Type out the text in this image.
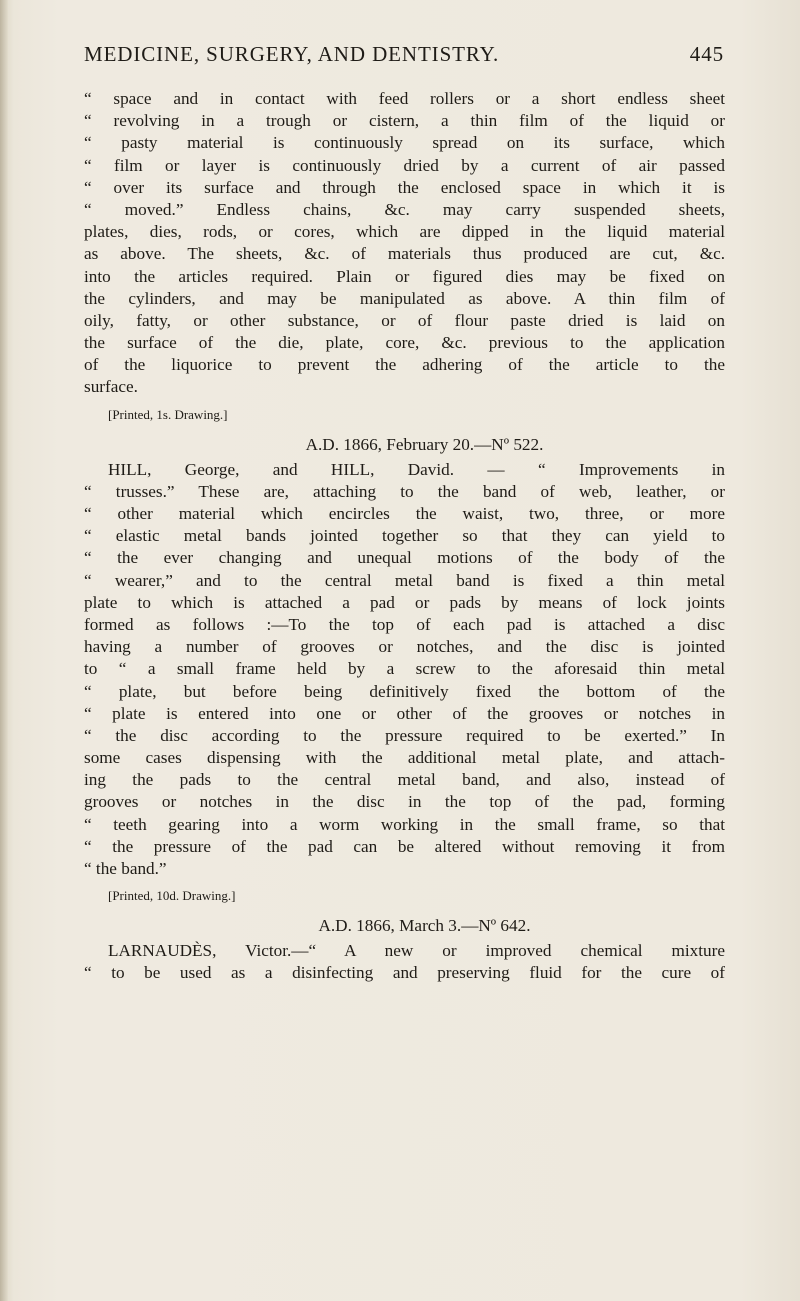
MEDICINE, SURGERY, AND DENTISTRY.	445
“ space and in contact with feed rollers or a short endless sheet
“ revolving in a trough or cistern, a thin film of the liquid or
“ pasty material is continuously spread on its surface, which
“ film or layer is continuously dried by a current of air passed
“ over its surface and through the enclosed space in which it is
“ moved.” Endless chains, &c. may carry suspended sheets,
plates, dies, rods, or cores, which are dipped in the liquid material
as above. The sheets, &c. of materials thus produced are cut, &c.
into the articles required. Plain or figured dies may be fixed on
the cylinders, and may be manipulated as above. A thin film of
oily, fatty, or other substance, or of flour paste dried is laid on
the surface of the die, plate, core, &c. previous to the application
of the liquorice to prevent the adhering of the article to the
surface.
[Printed, 1s. Drawing.]
A.D. 1866, February 20.—Nº 522.
HILL, George, and HILL, David. — “ Improvements in
“ trusses.” These are, attaching to the band of web, leather, or
“ other material which encircles the waist, two, three, or more
“ elastic metal bands jointed together so that they can yield to
“ the ever changing and unequal motions of the body of the
“ wearer,” and to the central metal band is fixed a thin metal
plate to which is attached a pad or pads by means of lock joints
formed as follows :—To the top of each pad is attached a disc
having a number of grooves or notches, and the disc is jointed
to “ a small frame held by a screw to the aforesaid thin metal
“ plate, but before being definitively fixed the bottom of the
“ plate is entered into one or other of the grooves or notches in
“ the disc according to the pressure required to be exerted.” In
some cases dispensing with the additional metal plate, and attach-
ing the pads to the central metal band, and also, instead of
grooves or notches in the disc in the top of the pad, forming
“ teeth gearing into a worm working in the small frame, so that
“ the pressure of the pad can be altered without removing it from
“ the band.”
[Printed, 10d. Drawing.]
A.D. 1866, March 3.—Nº 642.
LARNAUDÈS, Victor.—“ A new or improved chemical mixture
“ to be used as a disinfecting and preserving fluid for the cure of
